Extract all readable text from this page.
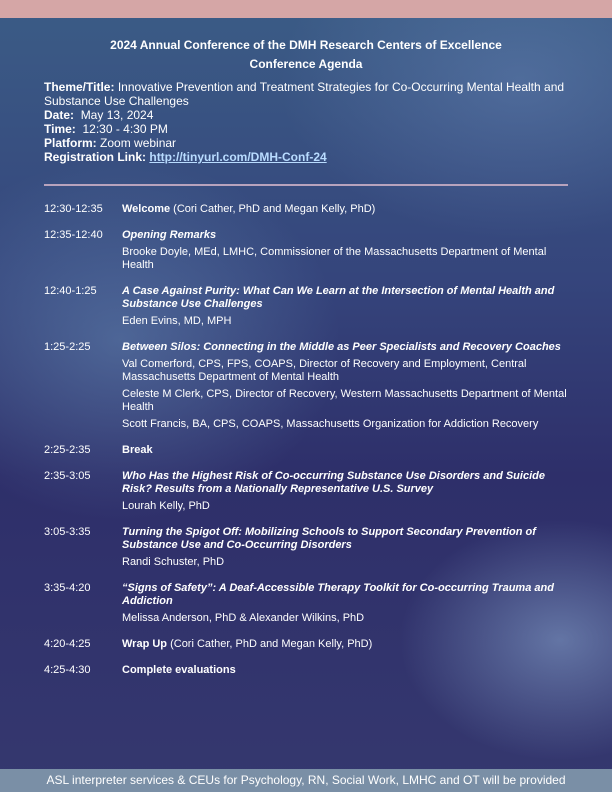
2024 Annual Conference of the DMH Research Centers of Excellence
Conference Agenda

Theme/Title: Innovative Prevention and Treatment Strategies for Co-Occurring Mental Health and Substance Use Challenges

Date: May 13, 2024

Time: 12:30 - 4:30 PM

Platform: Zoom webinar

Registration Link: http://tinyurl.com/DMH-Conf-24

12:30-12:35	Welcome (Cori Cather, PhD and Megan Kelly, PhD)
12:35-12:40	Opening Remarks
Brooke Doyle, MEd, LMHC, Commissioner of the Massachusetts Department of Mental Health
12:40-1:25	A Case Against Purity: What Can We Learn at the Intersection of Mental Health and Substance Use Challenges
Eden Evins, MD, MPH
1:25-2:25	Between Silos: Connecting in the Middle as Peer Specialists and Recovery Coaches
Val Comerford, CPS, FPS, COAPS, Director of Recovery and Employment, Central Massachusetts Department of Mental Health
Celeste M Clerk, CPS, Director of Recovery, Western Massachusetts Department of Mental Health
Scott Francis, BA, CPS, COAPS, Massachusetts Organization for Addiction Recovery
2:25-2:35	Break
2:35-3:05	Who Has the Highest Risk of Co-occurring Substance Use Disorders and Suicide Risk? Results from a Nationally Representative U.S. Survey
Lourah Kelly, PhD
3:05-3:35	Turning the Spigot Off: Mobilizing Schools to Support Secondary Prevention of Substance Use and Co-Occurring Disorders
Randi Schuster, PhD
3:35-4:20	“Signs of Safety”: A Deaf-Accessible Therapy Toolkit for Co-occurring Trauma and Addiction
Melissa Anderson, PhD & Alexander Wilkins, PhD
4:20-4:25	Wrap Up (Cori Cather, PhD and Megan Kelly, PhD)
4:25-4:30	Complete evaluations
ASL interpreter services & CEUs for Psychology, RN, Social Work, LMHC and OT will be provided
